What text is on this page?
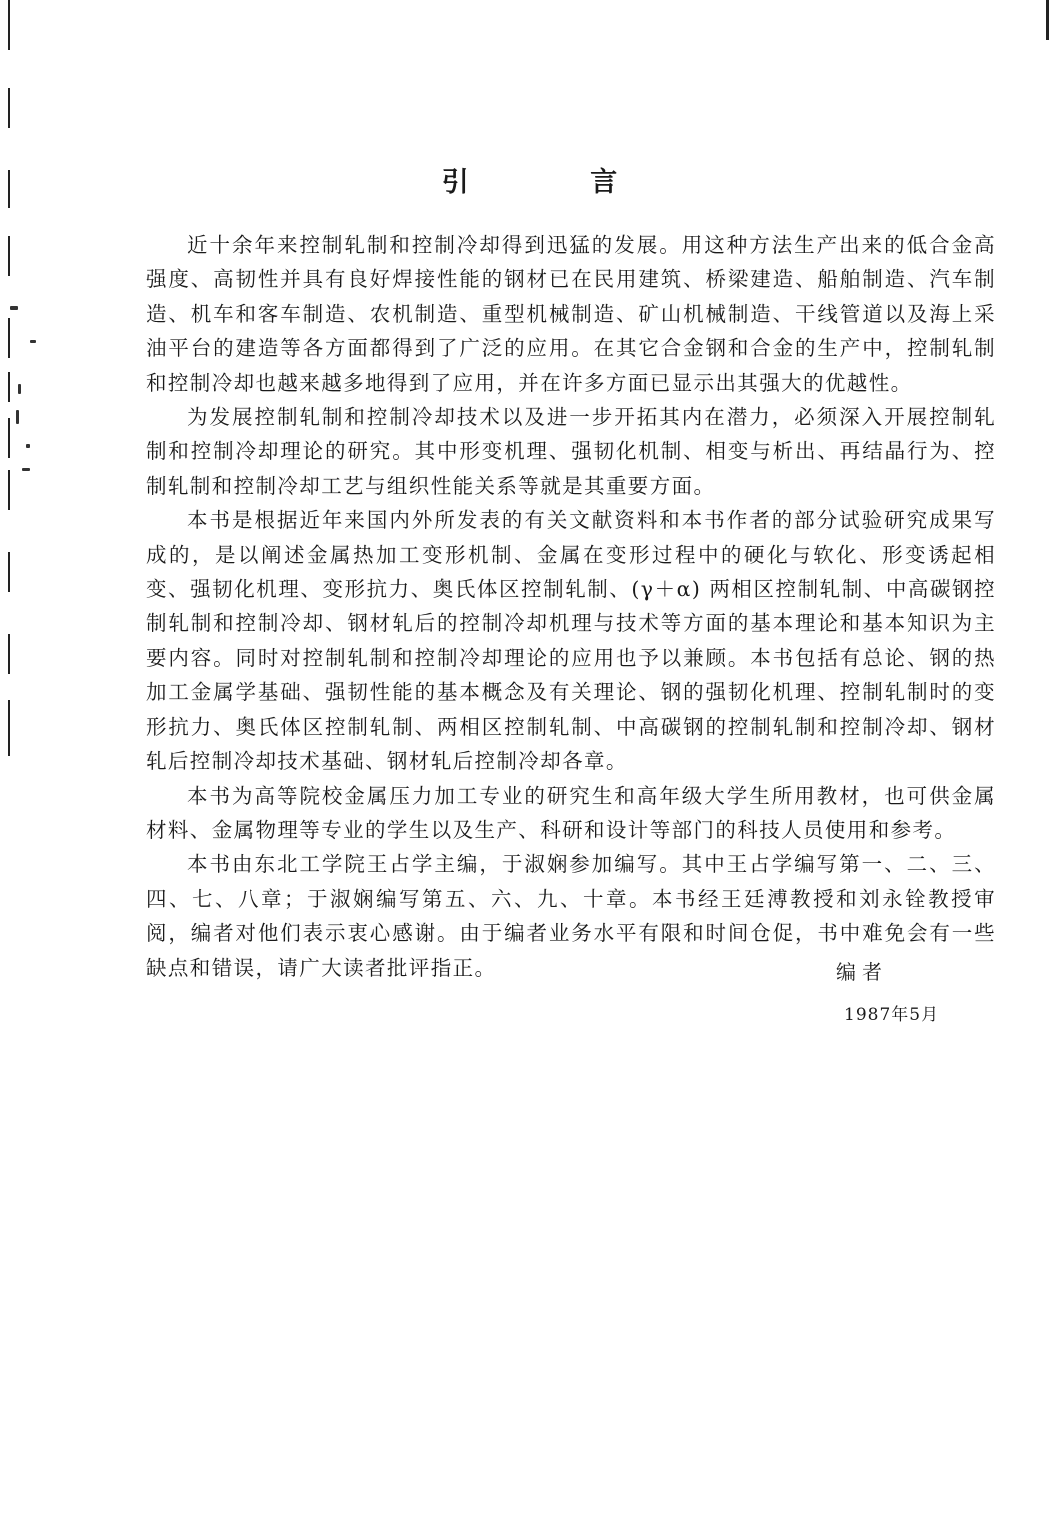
引 言

近十余年来控制轧制和控制冷却得到迅猛的发展。用这种方法生产出来的低合金高强度、高韧性并具有良好焊接性能的钢材已在民用建筑、桥梁建造、船舶制造、汽车制造、机车和客车制造、农机制造、重型机械制造、矿山机械制造、干线管道以及海上采油平台的建造等各方面都得到了广泛的应用。在其它合金钢和合金的生产中，控制轧制和控制冷却也越来越多地得到了应用，并在许多方面已显示出其强大的优越性。

为发展控制轧制和控制冷却技术以及进一步开拓其内在潜力，必须深入开展控制轧制和控制冷却理论的研究。其中形变机理、强韧化机制、相变与析出、再结晶行为、控制轧制和控制冷却工艺与组织性能关系等就是其重要方面。

本书是根据近年来国内外所发表的有关文献资料和本书作者的部分试验研究成果写成的，是以阐述金属热加工变形机制、金属在变形过程中的硬化与软化、形变诱起相变、强韧化机理、变形抗力、奥氏体区控制轧制、(γ＋α) 两相区控制轧制、中高碳钢控制轧制和控制冷却、钢材轧后的控制冷却机理与技术等方面的基本理论和基本知识为主要内容。同时对控制轧制和控制冷却理论的应用也予以兼顾。本书包括有总论、钢的热加工金属学基础、强韧性能的基本概念及有关理论、钢的强韧化机理、控制轧制时的变形抗力、奥氏体区控制轧制、两相区控制轧制、中高碳钢的控制轧制和控制冷却、钢材轧后控制冷却技术基础、钢材轧后控制冷却各章。

本书为高等院校金属压力加工专业的研究生和高年级大学生所用教材，也可供金属材料、金属物理等专业的学生以及生产、科研和设计等部门的科技人员使用和参考。

本书由东北工学院王占学主编，于淑娴参加编写。其中王占学编写第一、二、三、四、七、八章；于淑娴编写第五、六、九、十章。本书经王廷溥教授和刘永铨教授审阅，编者对他们表示衷心感谢。由于编者业务水平有限和时间仓促，书中难免会有一些缺点和错误，请广大读者批评指正。	编者
1987年5月
